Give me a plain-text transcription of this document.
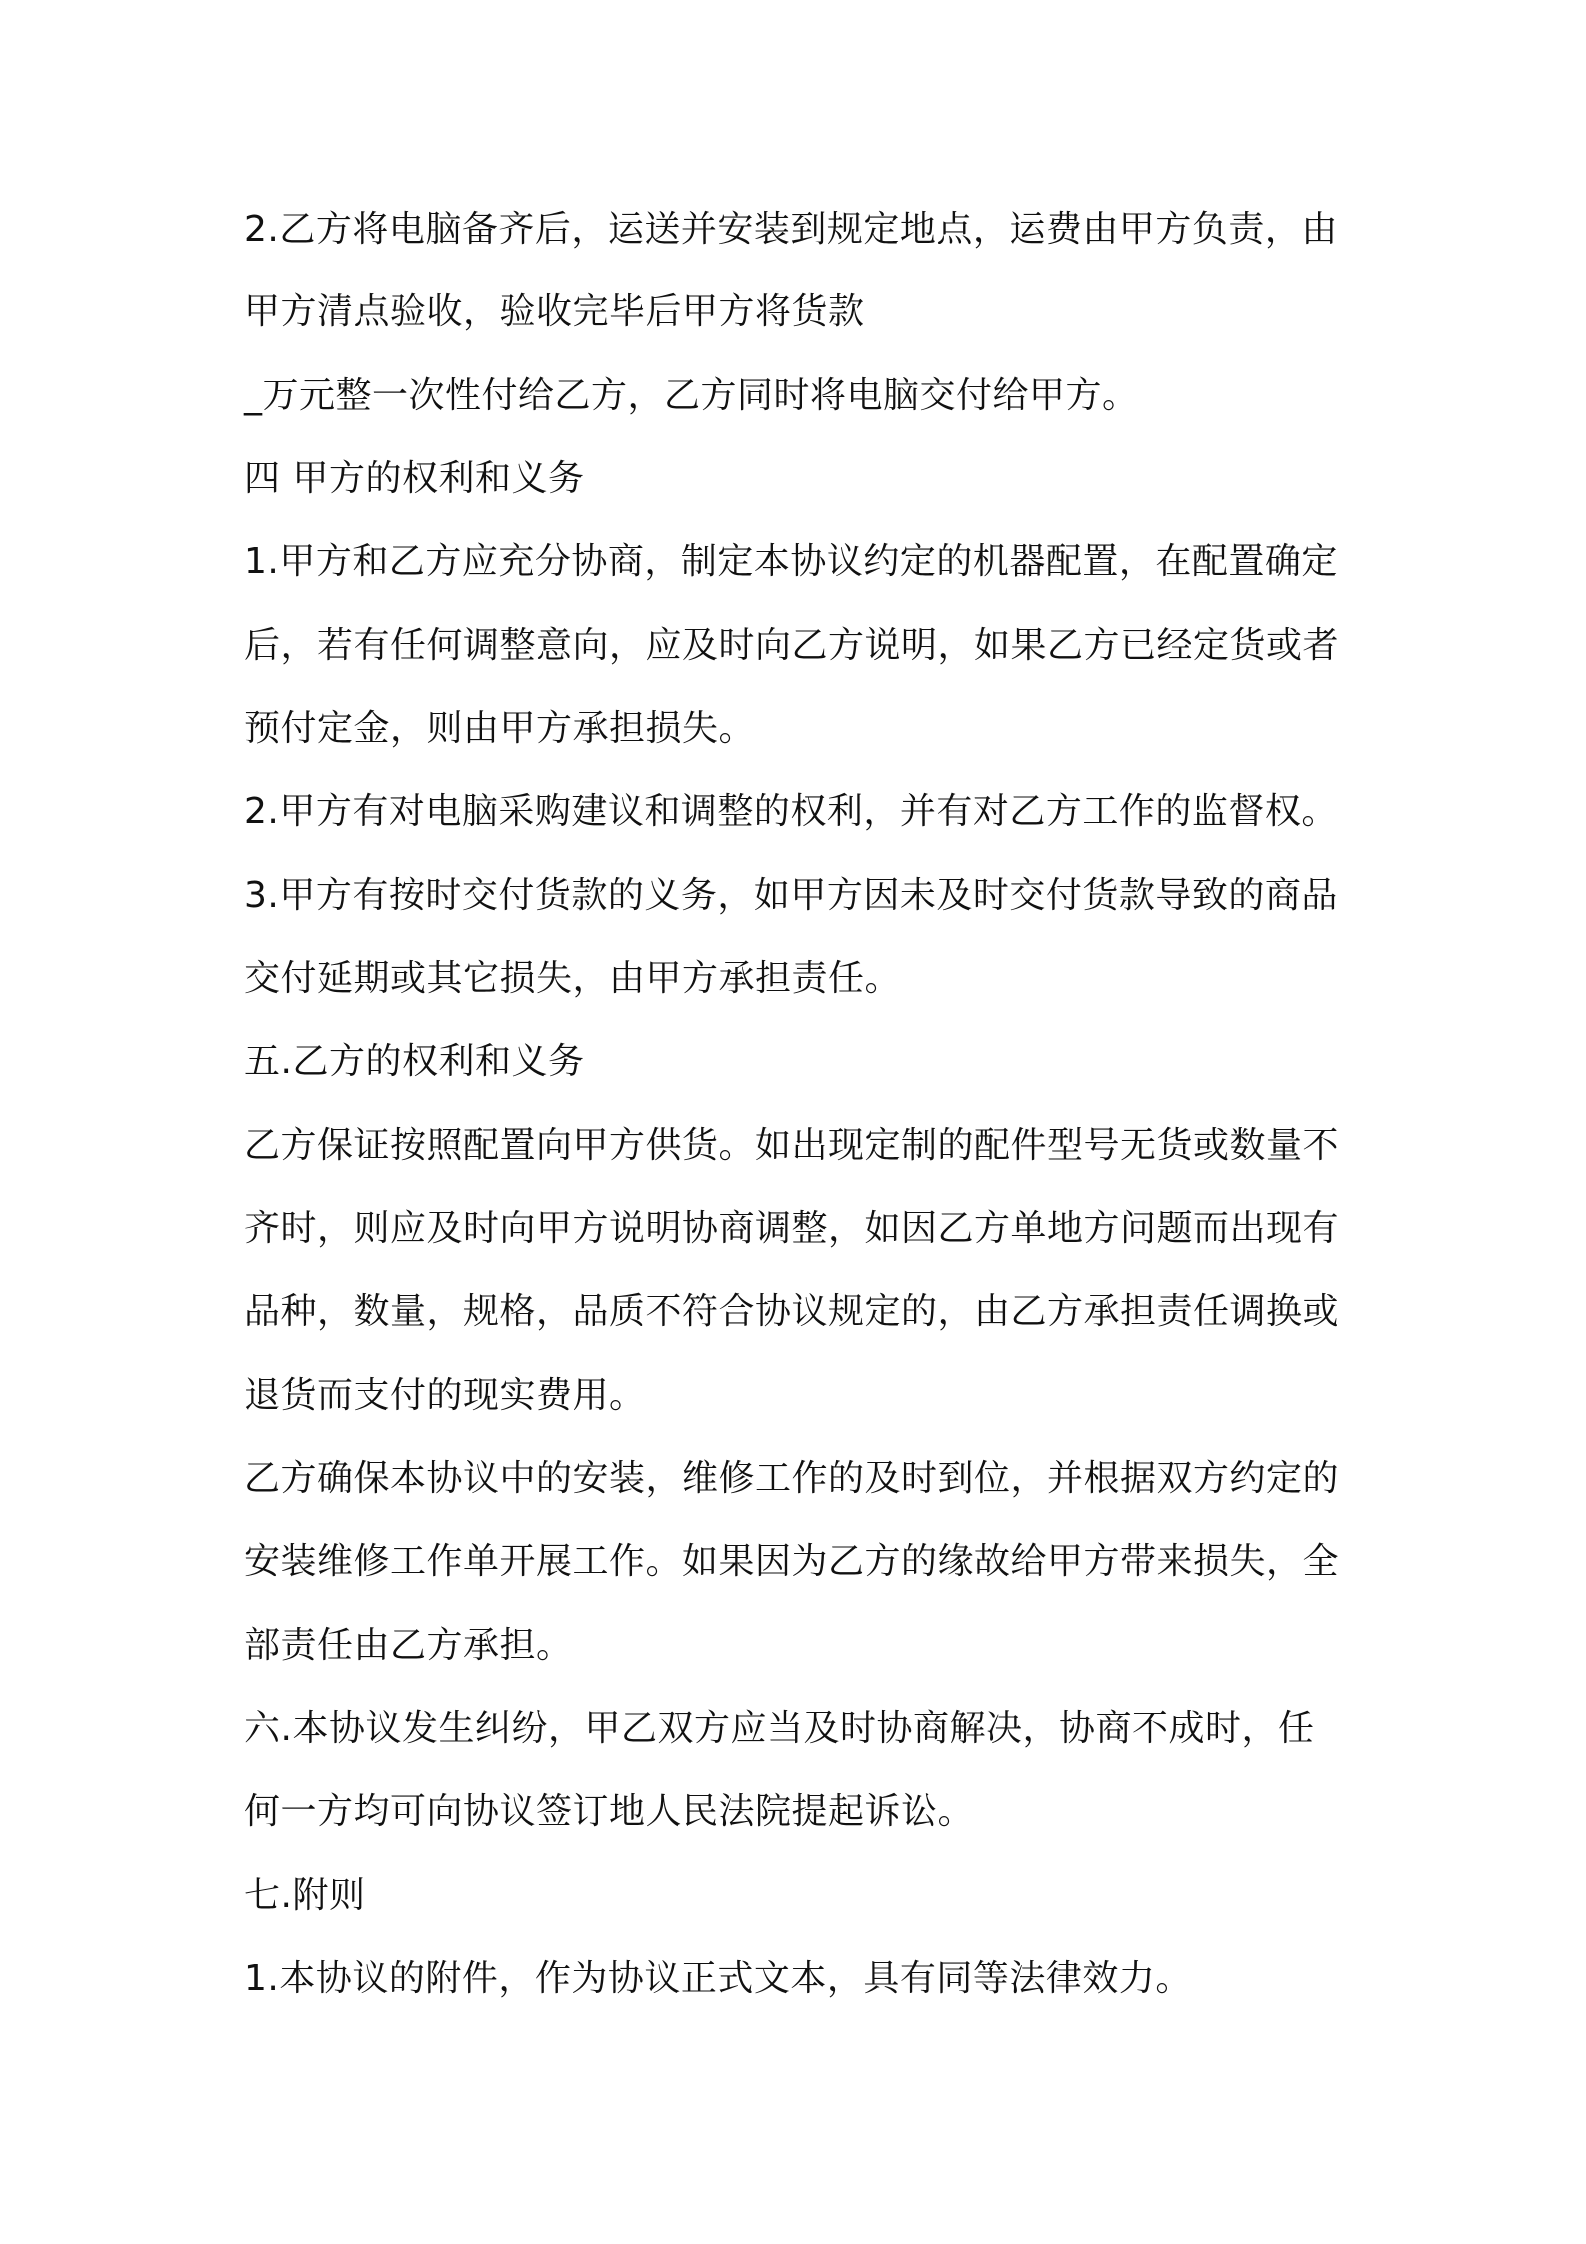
2.乙方将电脑备齐后，运送并安装到规定地点，运费由甲方负责，由

甲方清点验收，验收完毕后甲方将货款

_万元整一次性付给乙方，乙方同时将电脑交付给甲方。

四 甲方的权利和义务

1.甲方和乙方应充分协商，制定本协议约定的机器配置，在配置确定

后，若有任何调整意向，应及时向乙方说明，如果乙方已经定货或者

预付定金，则由甲方承担损失。

2.甲方有对电脑采购建议和调整的权利，并有对乙方工作的监督权。

3.甲方有按时交付货款的义务，如甲方因未及时交付货款导致的商品

交付延期或其它损失，由甲方承担责任。

五.乙方的权利和义务

乙方保证按照配置向甲方供货。如出现定制的配件型号无货或数量不

齐时，则应及时向甲方说明协商调整，如因乙方单地方问题而出现有

品种，数量，规格，品质不符合协议规定的，由乙方承担责任调换或

退货而支付的现实费用。

乙方确保本协议中的安装，维修工作的及时到位，并根据双方约定的

安装维修工作单开展工作。如果因为乙方的缘故给甲方带来损失，全

部责任由乙方承担。

六.本协议发生纠纷，甲乙双方应当及时协商解决，协商不成时，任

何一方均可向协议签订地人民法院提起诉讼。

七.附则

1.本协议的附件，作为协议正式文本，具有同等法律效力。
